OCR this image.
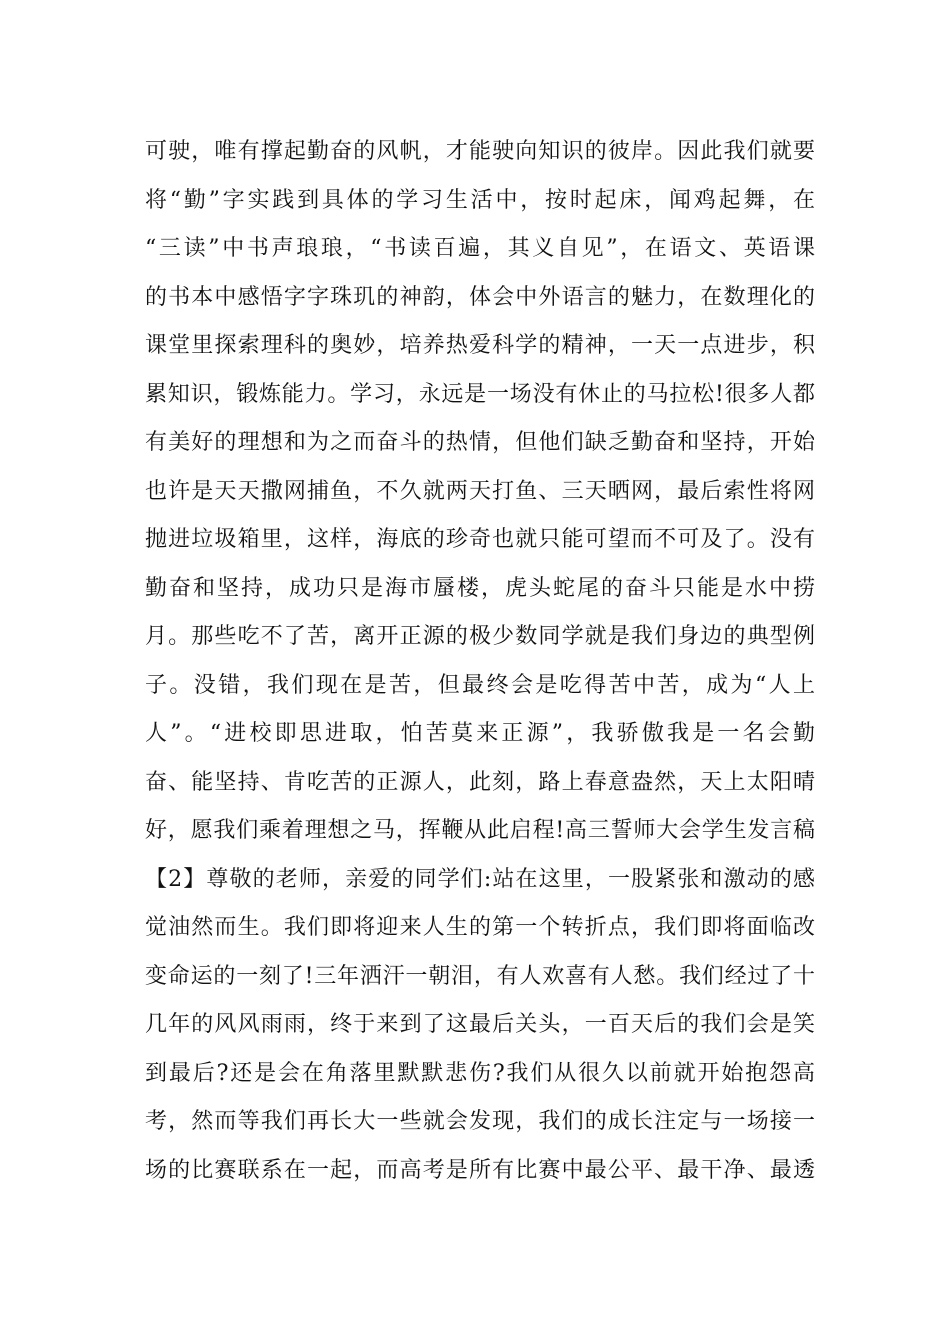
可驶，唯有撑起勤奋的风帆，才能驶向知识的彼岸。因此我们就要
将“勤”字实践到具体的学习生活中，按时起床，闻鸡起舞，在
“三读”中书声琅琅，“书读百遍，其义自见”，在语文、英语课
的书本中感悟字字珠玑的神韵，体会中外语言的魅力，在数理化的
课堂里探索理科的奥妙，培养热爱科学的精神，一天一点进步，积
累知识，锻炼能力。学习，永远是一场没有休止的马拉松!很多人都
有美好的理想和为之而奋斗的热情，但他们缺乏勤奋和坚持，开始
也许是天天撒网捕鱼，不久就两天打鱼、三天晒网，最后索性将网
抛进垃圾箱里，这样，海底的珍奇也就只能可望而不可及了。没有
勤奋和坚持，成功只是海市蜃楼，虎头蛇尾的奋斗只能是水中捞
月。那些吃不了苦，离开正源的极少数同学就是我们身边的典型例
子。没错，我们现在是苦，但最终会是吃得苦中苦，成为“人上
人”。“进校即思进取，怕苦莫来正源”，我骄傲我是一名会勤
奋、能坚持、肯吃苦的正源人，此刻，路上春意盎然，天上太阳晴
好，愿我们乘着理想之马，挥鞭从此启程!高三誓师大会学生发言稿
【2】尊敬的老师，亲爱的同学们:站在这里，一股紧张和激动的感
觉油然而生。我们即将迎来人生的第一个转折点，我们即将面临改
变命运的一刻了!三年洒汗一朝泪，有人欢喜有人愁。我们经过了十
几年的风风雨雨，终于来到了这最后关头，一百天后的我们会是笑
到最后?还是会在角落里默默悲伤?我们从很久以前就开始抱怨高
考，然而等我们再长大一些就会发现，我们的成长注定与一场接一
场的比赛联系在一起，而高考是所有比赛中最公平、最干净、最透
